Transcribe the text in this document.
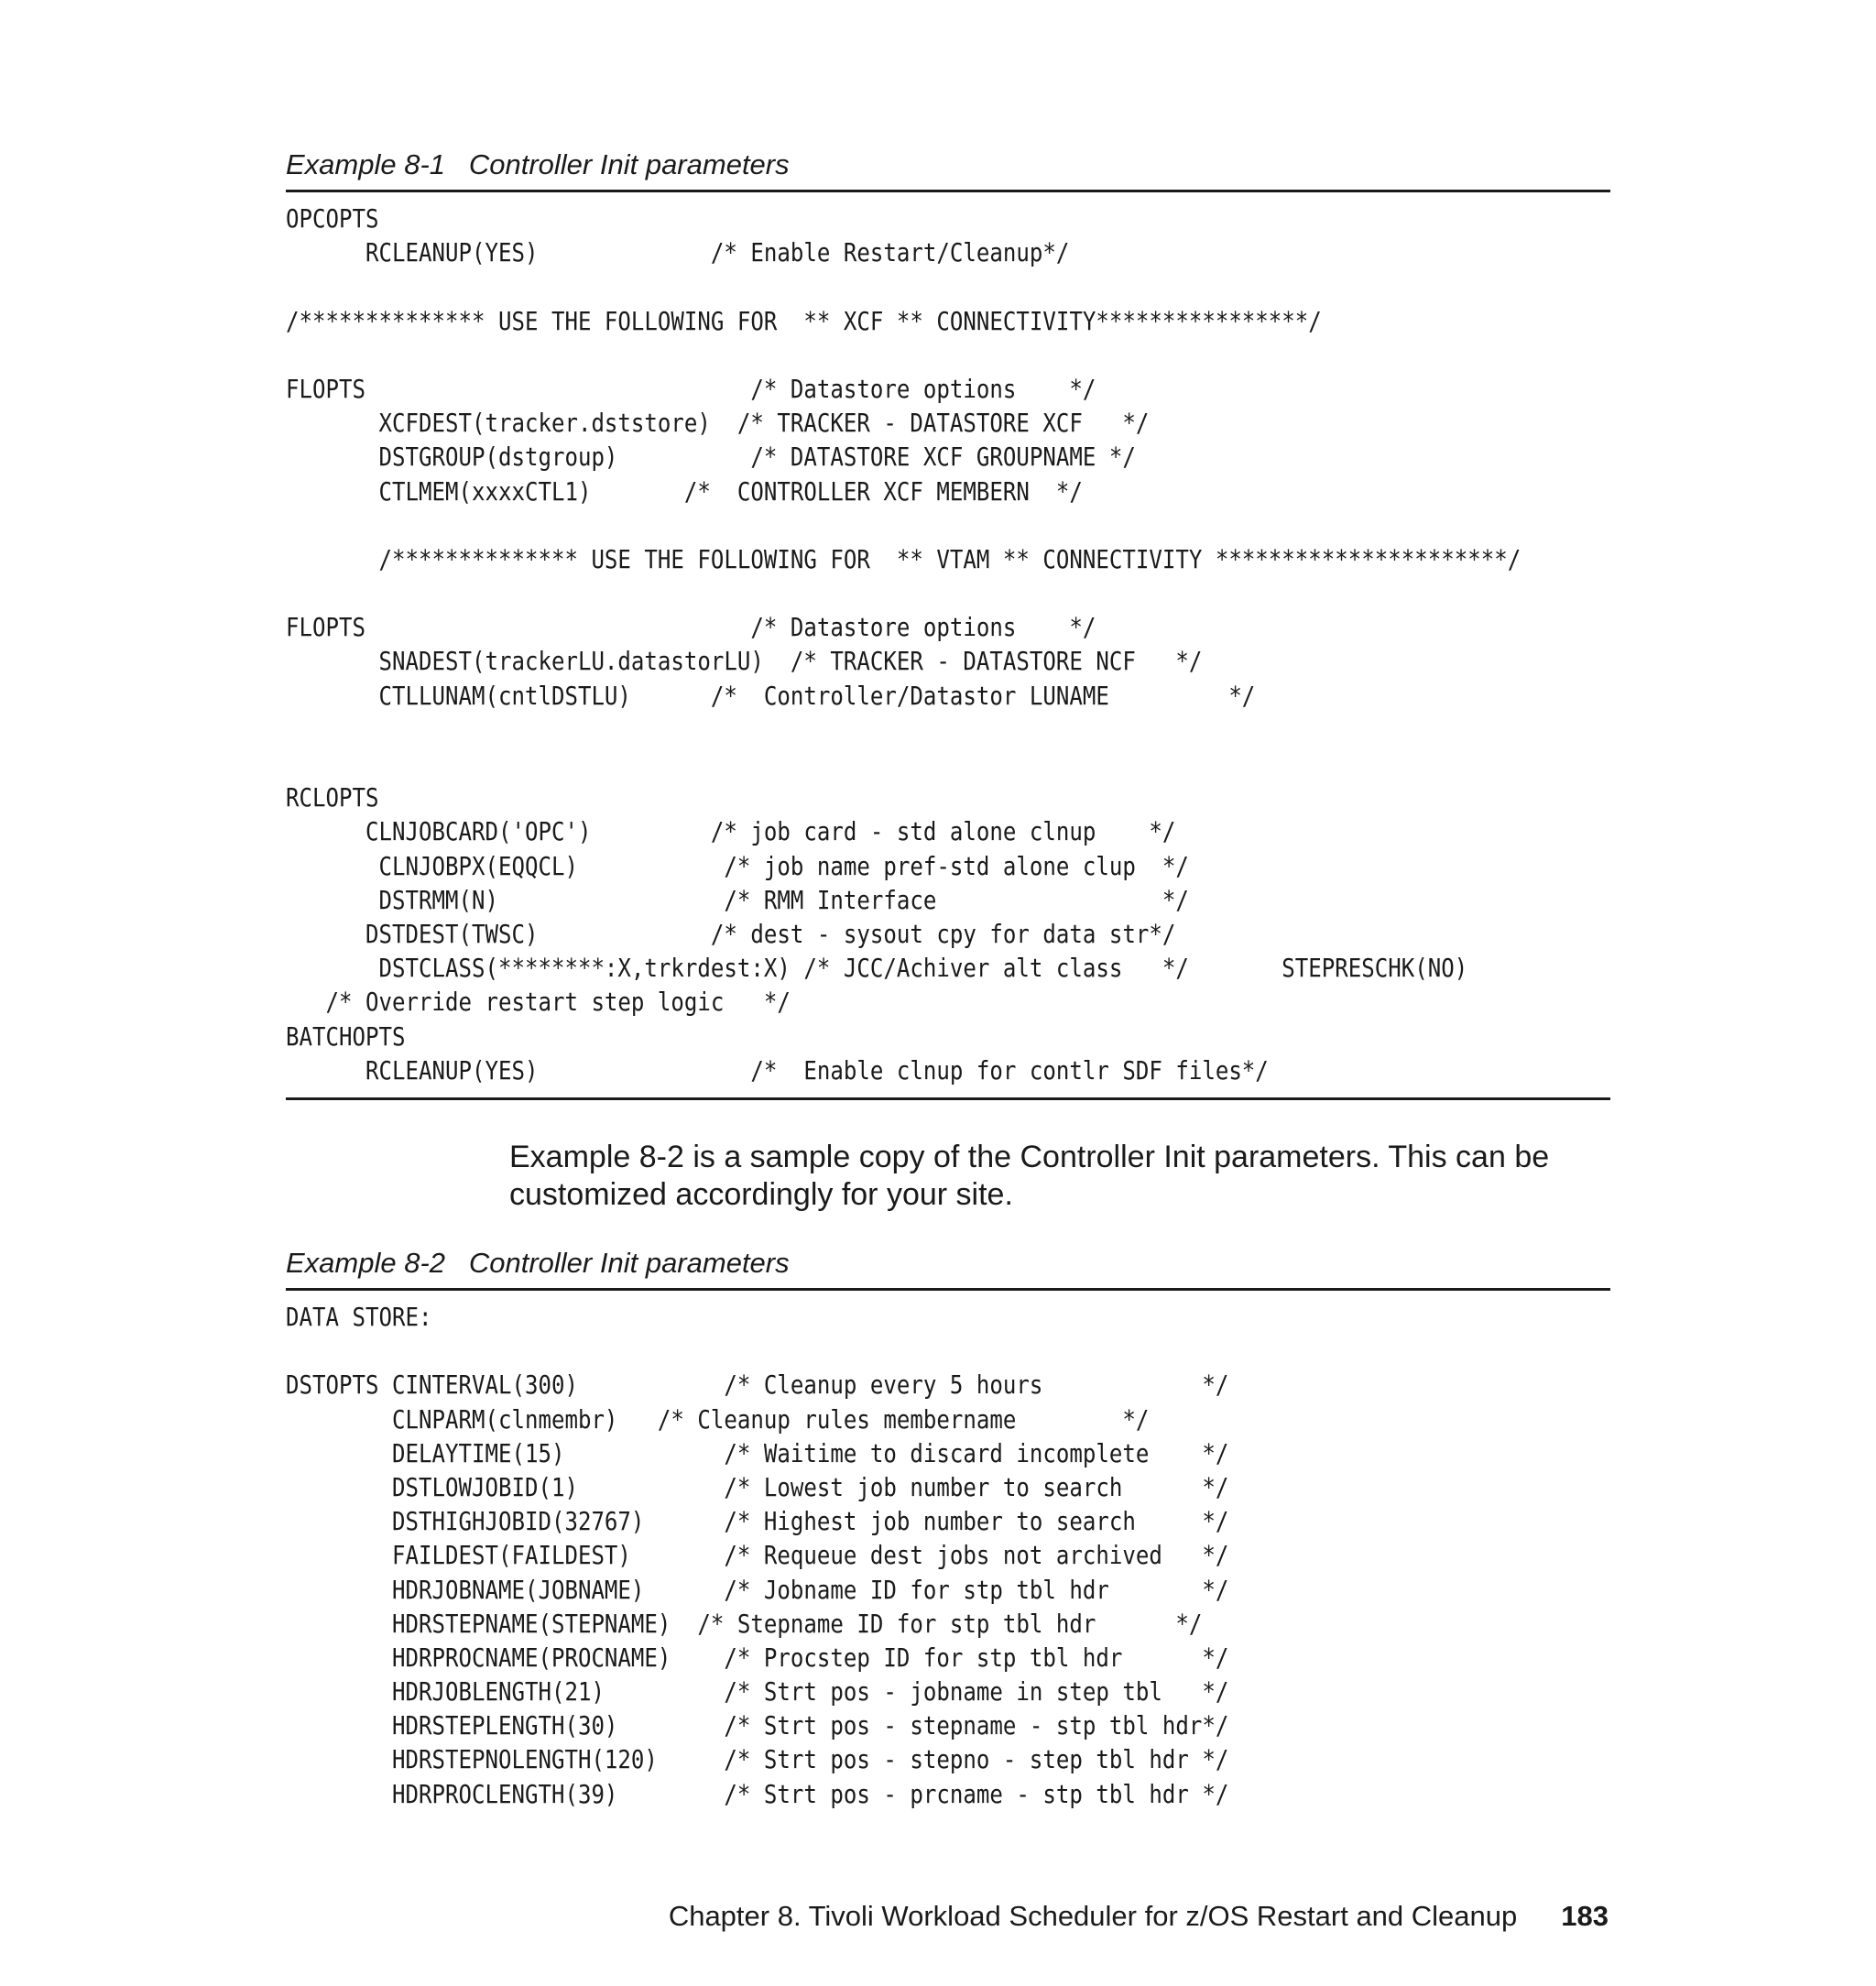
Example 8-1   Controller Init parameters
OPCOPTS
RCLEANUP(YES)             /* Enable Restart/Cleanup*/
/************** USE THE FOLLOWING FOR  ** XCF ** CONNECTIVITY****************/
FLOPTS                             /* Datastore options    */
XCFDEST(tracker.dststore)  /* TRACKER - DATASTORE XCF   */
DSTGROUP(dstgroup)          /* DATASTORE XCF GROUPNAME */
CTLMEM(xxxxCTL1)       /*  CONTROLLER XCF MEMBERN  */
/************** USE THE FOLLOWING FOR  ** VTAM ** CONNECTIVITY **********************/
FLOPTS                             /* Datastore options    */
SNADEST(trackerLU.datastorLU)  /* TRACKER - DATASTORE NCF   */
CTLLUNAM(cntlDSTLU)      /*  Controller/Datastor LUNAME         */
RCLOPTS
CLNJOBCARD('OPC')         /* job card - std alone clnup    */
CLNJOBPX(EQQCL)           /* job name pref-std alone clup  */
DSTRMM(N)                 /* RMM Interface                 */
DSTDEST(TWSC)             /* dest - sysout cpy for data str*/
DSTCLASS(********:X,trkrdest:X) /* JCC/Achiver alt class   */       STEPRESCHK(NO)
/* Override restart step logic   */
BATCHOPTS
RCLEANUP(YES)                /*  Enable clnup for contlr SDF files*/
Example 8-2 is a sample copy of the Controller Init parameters. This can be customized accordingly for your site.
Example 8-2   Controller Init parameters
DATA STORE:
DSTOPTS CINTERVAL(300)           /* Cleanup every 5 hours            */
CLNPARM(clnmembr)   /* Cleanup rules membername        */
DELAYTIME(15)            /* Waitime to discard incomplete    */
DSTLOWJOBID(1)           /* Lowest job number to search      */
DSTHIGHJOBID(32767)      /* Highest job number to search     */
FAILDEST(FAILDEST)       /* Requeue dest jobs not archived   */
HDRJOBNAME(JOBNAME)      /* Jobname ID for stp tbl hdr       */
HDRSTEPNAME(STEPNAME)  /* Stepname ID for stp tbl hdr      */
HDRPROCNAME(PROCNAME)    /* Procstep ID for stp tbl hdr      */
HDRJOBLENGTH(21)         /* Strt pos - jobname in step tbl   */
HDRSTEPLENGTH(30)        /* Strt pos - stepname - stp tbl hdr*/
HDRSTEPNOLENGTH(120)     /* Strt pos - stepno - step tbl hdr */
HDRPROCLENGTH(39)        /* Strt pos - prcname - stp tbl hdr */
Chapter 8. Tivoli Workload Scheduler for z/OS Restart and Cleanup 183
